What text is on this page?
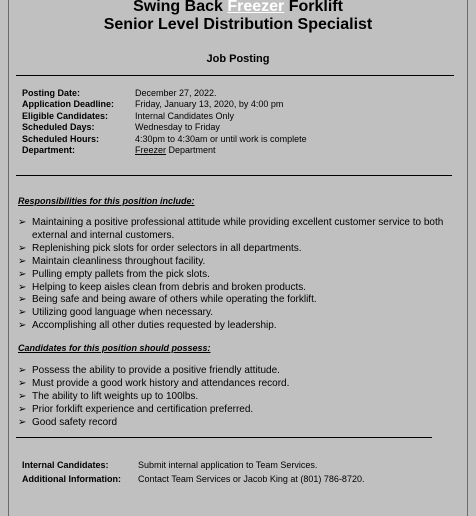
Swing Back Freezer Forklift
Senior Level Distribution Specialist
Job Posting
Posting Date:	December 27, 2022.
Application Deadline:	Friday, January 13, 2020, by 4:00 pm
Eligible Candidates:	Internal Candidates Only
Scheduled Days:	Wednesday to Friday
Scheduled Hours:	4:30pm to 4:30am or until work is complete
Department:	Freezer Department
Responsibilities for this position include:
➢ Maintaining a positive professional attitude while providing excellent customer service to both external and internal customers.
➢ Replenishing pick slots for order selectors in all departments.
➢ Maintain cleanliness throughout facility.
➢ Pulling empty pallets from the pick slots.
➢ Helping to keep aisles clean from debris and broken products.
➢ Being safe and being aware of others while operating the forklift.
➢ Utilizing good language when necessary.
➢ Accomplishing all other duties requested by leadership.
Candidates for this position should possess:
➢ Possess the ability to provide a positive friendly attitude.
➢ Must provide a good work history and attendances record.
➢ The ability to lift weights up to 100lbs.
➢ Prior forklift experience and certification preferred.
➢ Good safety record
Internal Candidates:	Submit internal application to Team Services.
Additional Information:	Contact Team Services or Jacob King at (801) 786-8720.
